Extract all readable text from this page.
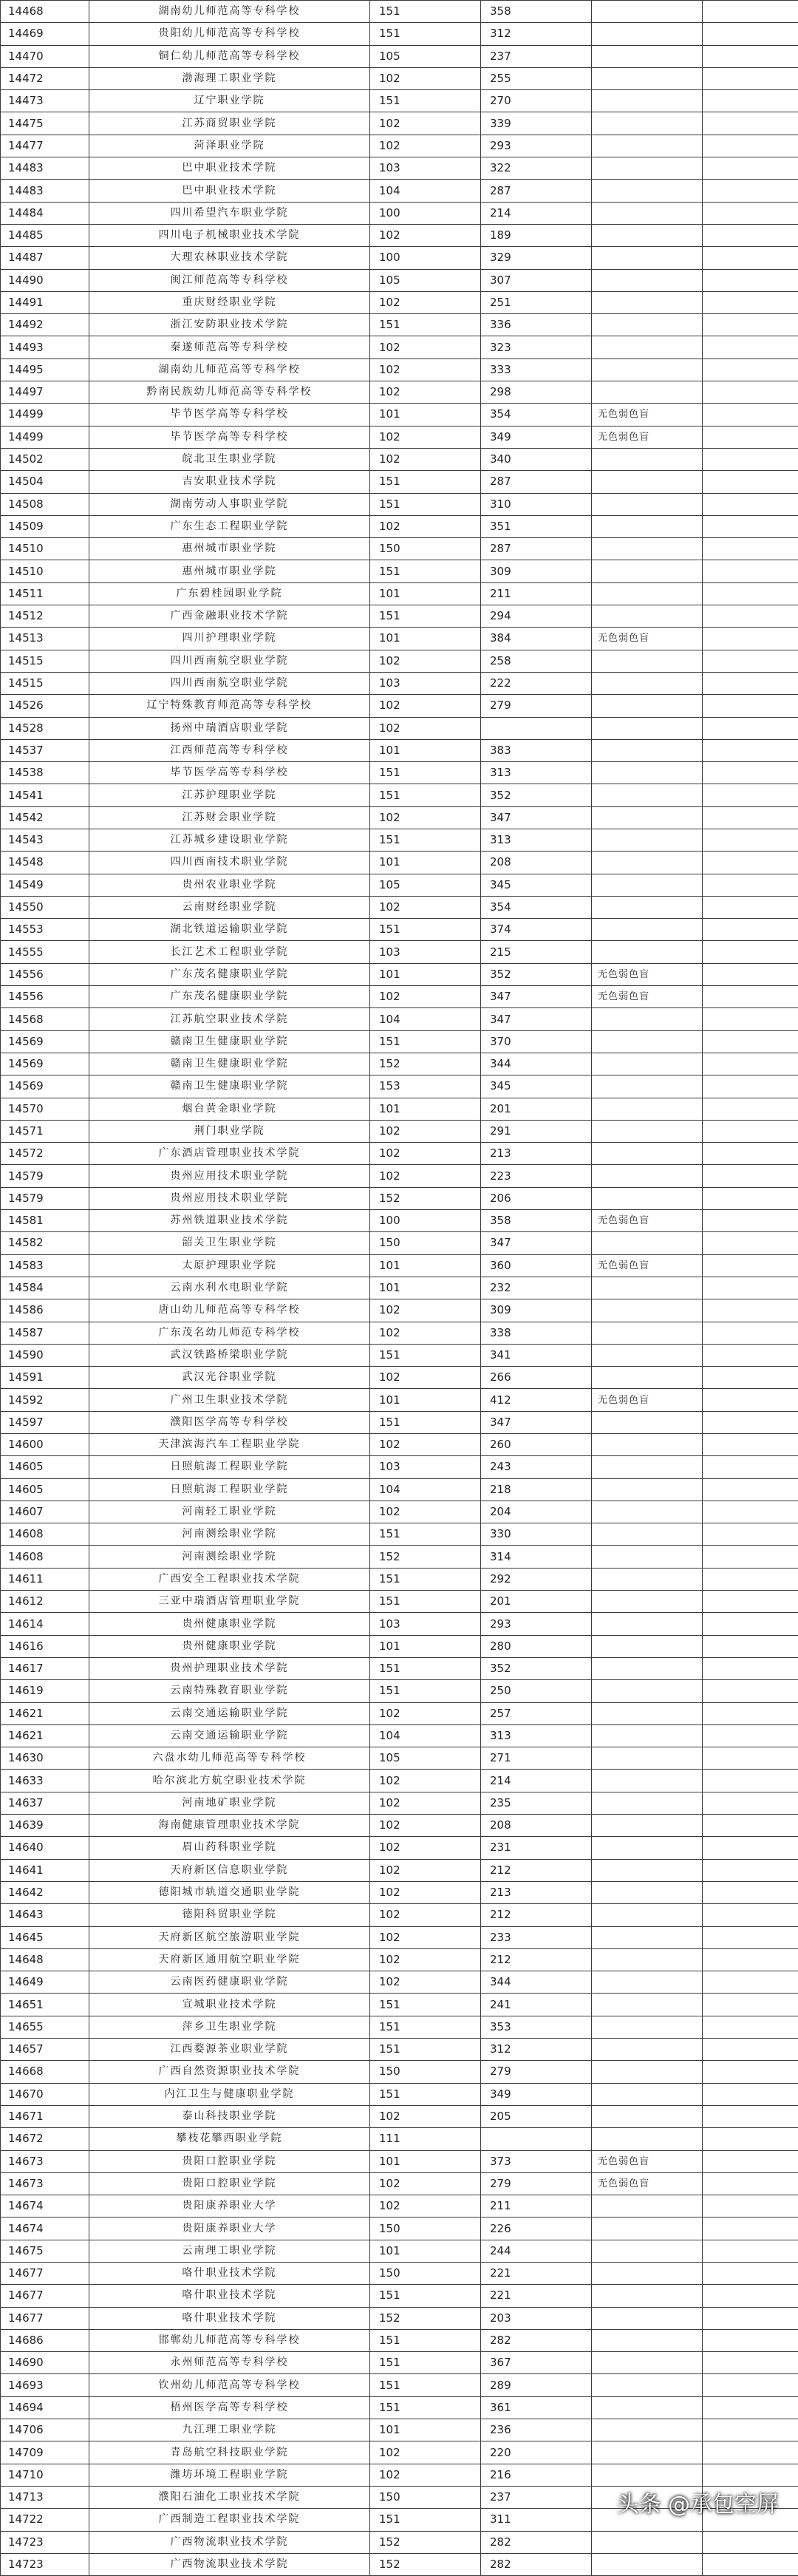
14468	湖南幼儿师范高等专科学校	151	358		
14469	贵阳幼儿师范高等专科学校	151	312		
14470	铜仁幼儿师范高等专科学校	105	237		
14472	渤海理工职业学院	102	255		
14473	辽宁职业学院	151	270		
14475	江苏商贸职业学院	102	339		
14477	菏泽职业学院	102	293		
14483	巴中职业技术学院	103	322		
14483	巴中职业技术学院	104	287		
14484	四川希望汽车职业学院	100	214		
14485	四川电子机械职业技术学院	102	189		
14487	大理农林职业技术学院	100	329		
14490	闽江师范高等专科学校	105	307		
14491	重庆财经职业学院	102	251		
14492	浙江安防职业技术学院	151	336		
14493	秦遂师范高等专科学校	102	323		
14495	湖南幼儿师范高等专科学校	102	333		
14497	黔南民族幼儿师范高等专科学校	102	298		
14499	毕节医学高等专科学校	101	354	无色弱色盲	
14499	毕节医学高等专科学校	102	349	无色弱色盲	
14502	皖北卫生职业学院	102	340		
14504	吉安职业技术学院	151	287		
14508	湖南劳动人事职业学院	151	310		
14509	广东生态工程职业学院	102	351		
14510	惠州城市职业学院	150	287		
14510	惠州城市职业学院	151	309		
14511	广东碧桂园职业学院	101	211		
14512	广西金融职业技术学院	151	294		
14513	四川护理职业学院	101	384	无色弱色盲	
14515	四川西南航空职业学院	102	258		
14515	四川西南航空职业学院	103	222		
14526	辽宁特殊教育师范高等专科学校	102	279		
14528	扬州中瑞酒店职业学院	102			
14537	江西师范高等专科学校	101	383		
14538	毕节医学高等专科学校	151	313		
14541	江苏护理职业学院	151	352		
14542	江苏财会职业学院	102	347		
14543	江苏城乡建设职业学院	151	313		
14548	四川西南技术职业学院	101	208		
14549	贵州农业职业学院	105	345		
14550	云南财经职业学院	102	354		
14553	湖北铁道运输职业学院	151	374		
14555	长江艺术工程职业学院	103	215		
14556	广东茂名健康职业学院	101	352	无色弱色盲	
14556	广东茂名健康职业学院	102	347	无色弱色盲	
14568	江苏航空职业技术学院	104	347		
14569	赣南卫生健康职业学院	151	370		
14569	赣南卫生健康职业学院	152	344		
14569	赣南卫生健康职业学院	153	345		
14570	烟台黄金职业学院	101	201		
14571	荆门职业学院	102	291		
14572	广东酒店管理职业技术学院	102	213		
14579	贵州应用技术职业学院	102	223		
14579	贵州应用技术职业学院	152	206		
14581	苏州铁道职业技术学院	100	358	无色弱色盲	
14582	韶关卫生职业学院	150	347		
14583	太原护理职业学院	101	360	无色弱色盲	
14584	云南水利水电职业学院	101	232		
14586	唐山幼儿师范高等专科学校	102	309		
14587	广东茂名幼儿师范专科学校	102	338		
14590	武汉铁路桥梁职业学院	151	341		
14591	武汉光谷职业学院	102	266		
14592	广州卫生职业技术学院	101	412	无色弱色盲	
14597	濮阳医学高等专科学校	151	347		
14600	天津滨海汽车工程职业学院	102	260		
14605	日照航海工程职业学院	103	243		
14605	日照航海工程职业学院	104	218		
14607	河南轻工职业学院	102	204		
14608	河南测绘职业学院	151	330		
14608	河南测绘职业学院	152	314		
14611	广西安全工程职业技术学院	151	292		
14612	三亚中瑞酒店管理职业学院	151	201		
14614	贵州健康职业学院	103	293		
14616	贵州健康职业学院	101	280		
14617	贵州护理职业技术学院	151	352		
14619	云南特殊教育职业学院	151	250		
14621	云南交通运输职业学院	102	257		
14621	云南交通运输职业学院	104	313		
14630	六盘水幼儿师范高等专科学校	105	271		
14633	哈尔滨北方航空职业技术学院	102	214		
14637	河南地矿职业学院	102	235		
14639	海南健康管理职业技术学院	102	208		
14640	眉山药科职业学院	102	231		
14641	天府新区信息职业学院	102	212		
14642	德阳城市轨道交通职业学院	102	213		
14643	德阳科贸职业学院	102	212		
14645	天府新区航空旅游职业学院	102	233		
14648	天府新区通用航空职业学院	102	212		
14649	云南医药健康职业学院	102	344		
14651	宣城职业技术学院	151	241		
14655	萍乡卫生职业学院	151	353		
14657	江西婺源茶业职业学院	151	312		
14668	广西自然资源职业技术学院	150	279		
14670	内江卫生与健康职业学院	151	349		
14671	泰山科技职业学院	102	205		
14672	攀枝花攀西职业学院	111			
14673	贵阳口腔职业学院	101	373	无色弱色盲	
14673	贵阳口腔职业学院	102	279	无色弱色盲	
14674	贵阳康养职业大学	102	211		
14674	贵阳康养职业大学	150	226		
14675	云南理工职业学院	101	244		
14677	咯什职业技术学院	150	221		
14677	咯什职业技术学院	151	221		
14677	咯什职业技术学院	152	203		
14686	邯郸幼儿师范高等专科学校	151	282		
14690	永州师范高等专科学校	151	367		
14693	钦州幼儿师范高等专科学校	151	289		
14694	梧州医学高等专科学校	151	361		
14706	九江理工职业学院	101	236		
14709	青岛航空科技职业学院	102	220		
14710	潍坊环境工程职业学院	102	216		
14713	濮阳石油化工职业技术学院	150	237		
14722	广西制造工程职业技术学院	151	311		
14723	广西物流职业技术学院	152	282		
14723	广西物流职业技术学院	152	282		
头条 @承包空屏
